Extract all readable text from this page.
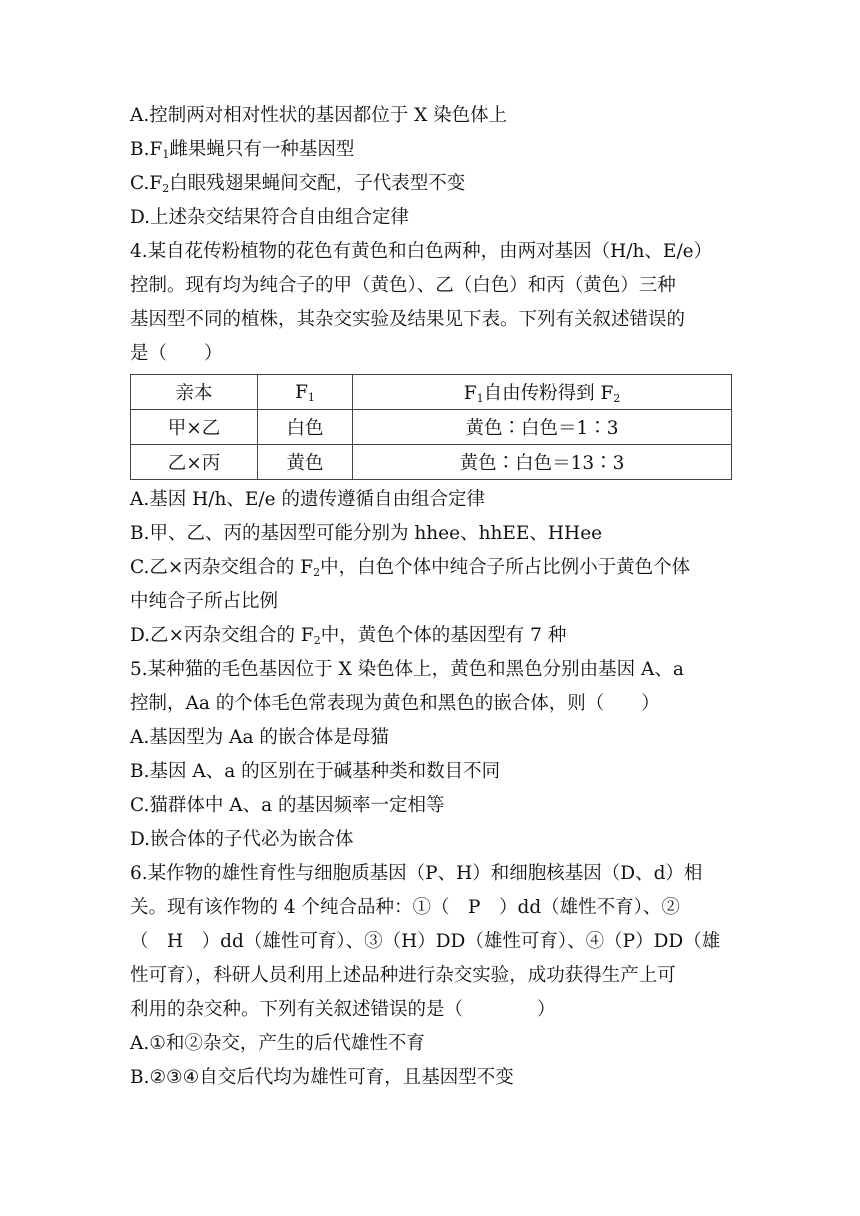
A.控制两对相对性状的基因都位于 X 染色体上

$B.F_1$雌果蝇只有一种基因型

$C.F_2$白眼残翅果蝇间交配，子代表型不变

D.上述杂交结果符合自由组合定律

4.某自花传粉植物的花色有黄色和白色两种，由两对基因（H/h、E/e）

控制。现有均为纯合子的甲（黄色）、乙（白色）和丙（黄色）三种

基因型不同的植株，其杂交实验及结果见下表。下列有关叙述错误的

是（　　）

亲本	$F_1$	$F_1$自由传粉得到 $F_2$
甲×乙	白色	黄色∶白色＝1∶3
乙×丙	黄色	黄色∶白色＝13∶3

A.基因 H/h、E/e 的遗传遵循自由组合定律

B.甲、乙、丙的基因型可能分别为 hhee、hhEE、HHee

C.乙×丙杂交组合的 $F_2$中，白色个体中纯合子所占比例小于黄色个体

中纯合子所占比例

D.乙×丙杂交组合的 $F_2$中，黄色个体的基因型有 7 种

5.某种猫的毛色基因位于 X 染色体上，黄色和黑色分别由基因 A、a

控制，Aa 的个体毛色常表现为黄色和黑色的嵌合体，则（　　）

A.基因型为 Aa 的嵌合体是母猫

B.基因 A、a 的区别在于碱基种类和数目不同

C.猫群体中 A、a 的基因频率一定相等

D.嵌合体的子代必为嵌合体

6.某作物的雄性育性与细胞质基因（P、H）和细胞核基因（D、d）相

关。现有该作物的 4 个纯合品种：①（　P　）dd（雄性不育）、②

（　H　）dd（雄性可育）、③（H）DD（雄性可育）、④（P）DD（雄

性可育），科研人员利用上述品种进行杂交实验，成功获得生产上可

利用的杂交种。下列有关叙述错误的是（　　　　）

A.①和②杂交，产生的后代雄性不育

B.②③④自交后代均为雄性可育，且基因型不变
